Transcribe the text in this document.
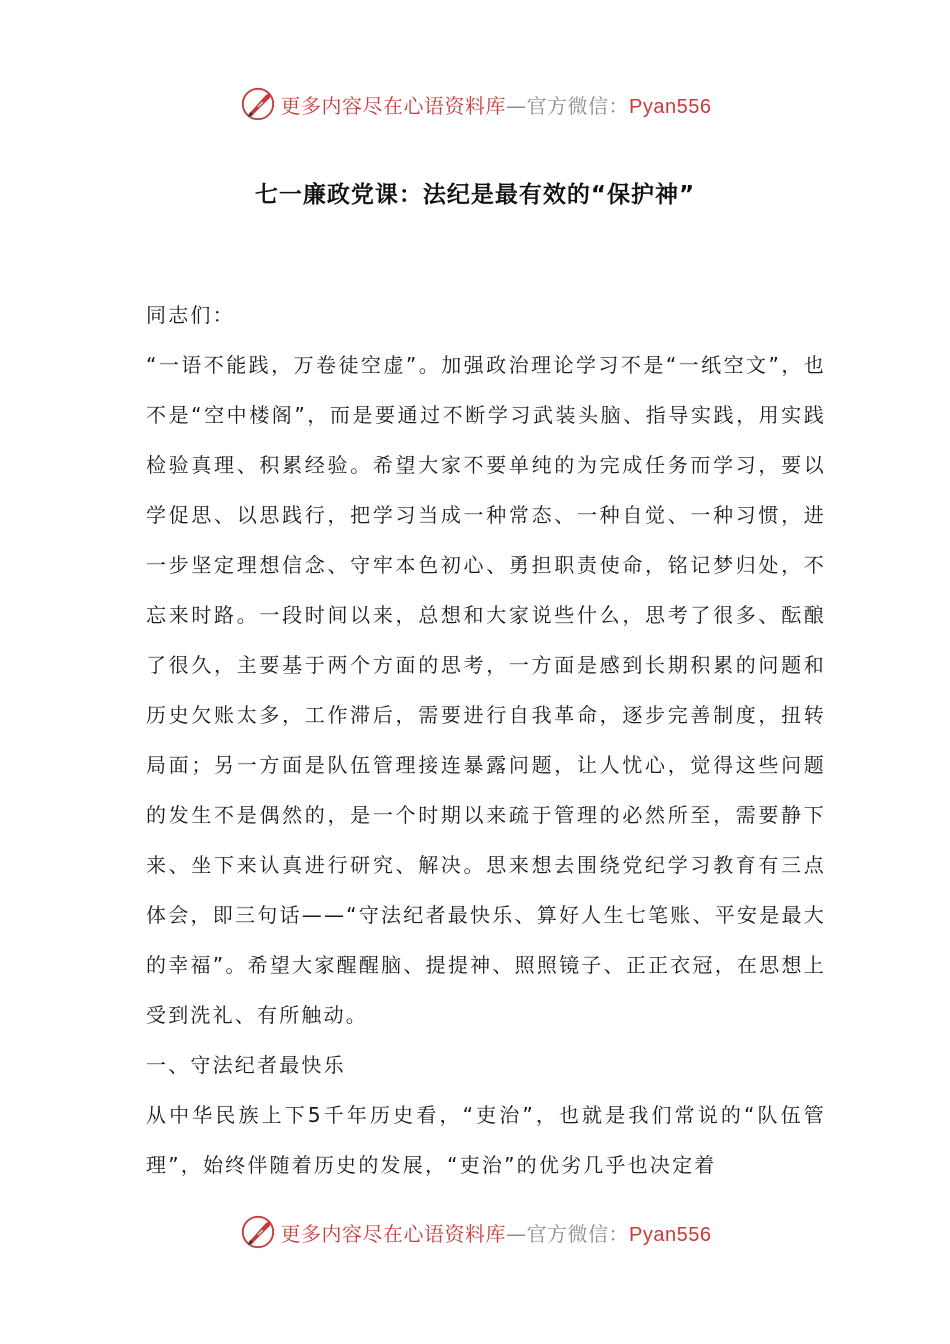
更多内容尽在心语资料库—官方微信：Pyan556
七一廉政党课：法纪是最有效的“保护神”

同志们：

“一语不能践，万卷徒空虚”。加强政治理论学习不是“一纸空文”，也不是“空中楼阁”，而是要通过不断学习武装头脑、指导实践，用实践检验真理、积累经验。希望大家不要单纯的为完成任务而学习，要以学促思、以思践行，把学习当成一种常态、一种自觉、一种习惯，进一步坚定理想信念、守牢本色初心、勇担职责使命，铭记梦归处，不忘来时路。一段时间以来，总想和大家说些什么，思考了很多、酝酿了很久，主要基于两个方面的思考，一方面是感到长期积累的问题和历史欠账太多，工作滞后，需要进行自我革命，逐步完善制度，扭转局面；另一方面是队伍管理接连暴露问题，让人忧心，觉得这些问题的发生不是偶然的，是一个时期以来疏于管理的必然所至，需要静下来、坐下来认真进行研究、解决。思来想去围绕党纪学习教育有三点体会，即三句话——“守法纪者最快乐、算好人生七笔账、平安是最大的幸福”。希望大家醒醒脑、提提神、照照镜子、正正衣冠，在思想上受到洗礼、有所触动。

一、守法纪者最快乐

从中华民族上下5千年历史看，“吏治”，也就是我们常说的“队伍管理”，始终伴随着历史的发展，“吏治”的优劣几乎也决定着

更多内容尽在心语资料库—官方微信：Pyan556
